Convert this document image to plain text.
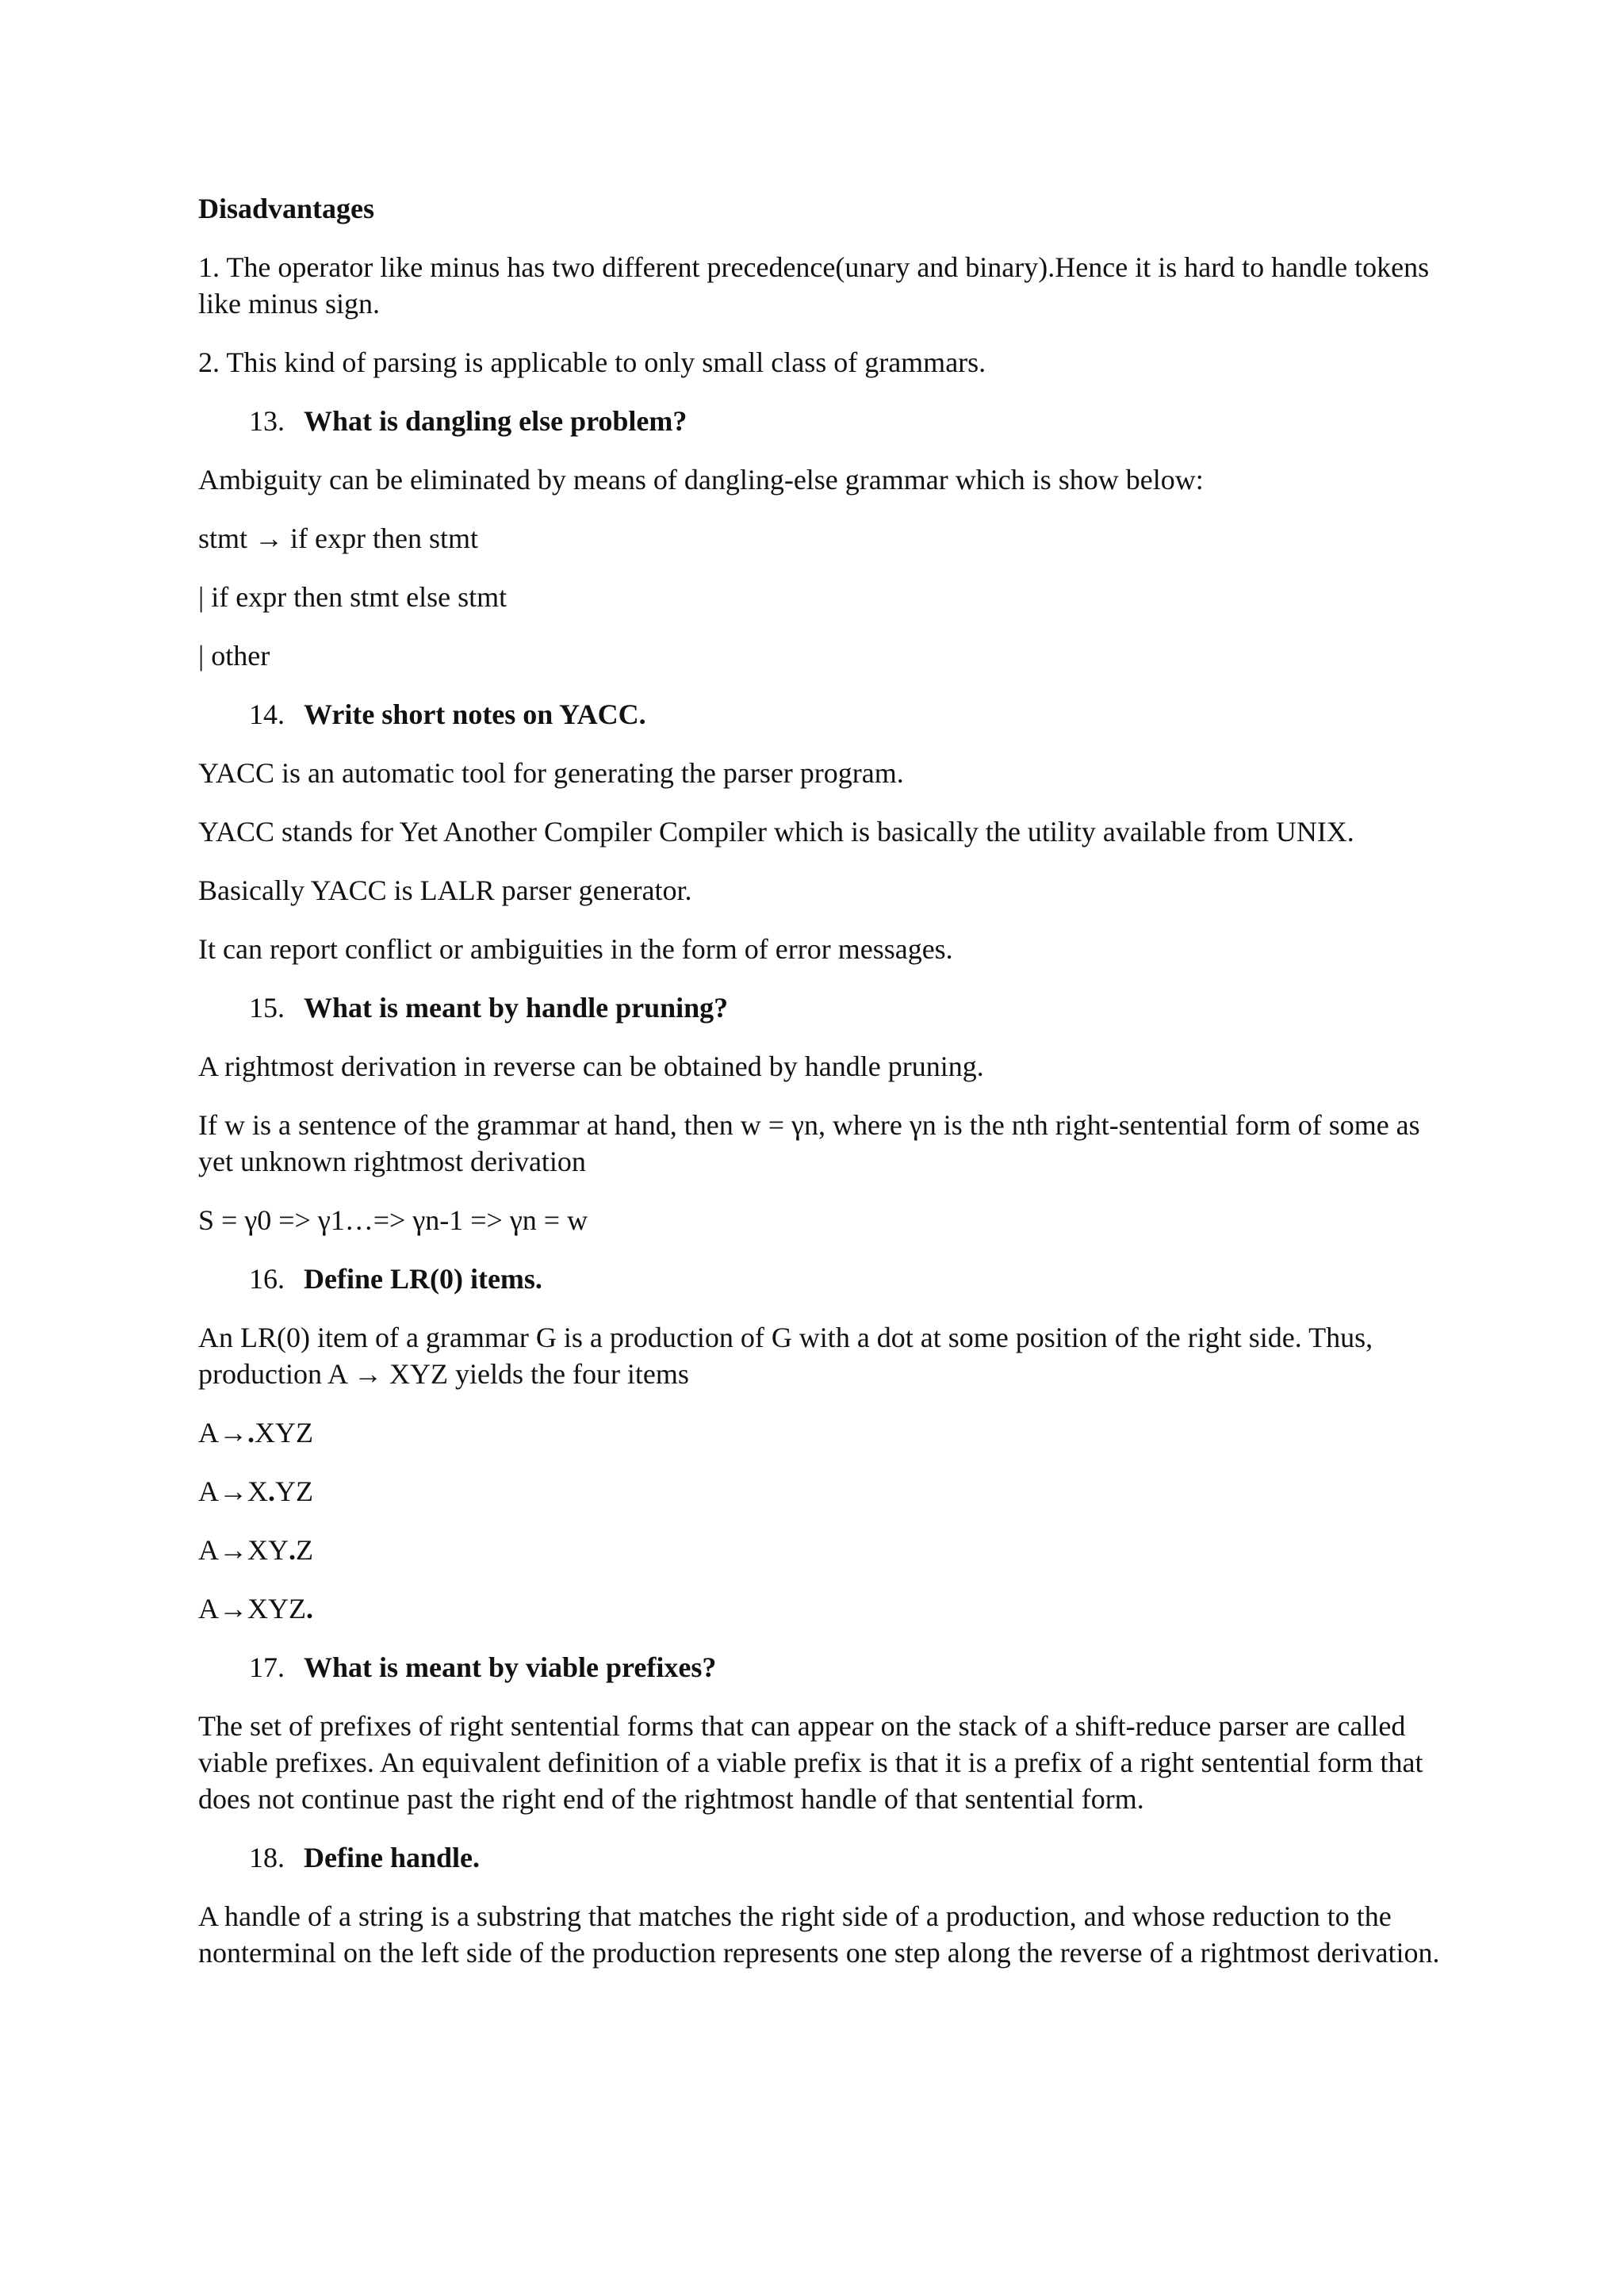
Disadvantages

1. The operator like minus has two different precedence(unary and binary).Hence it is hard to handle tokens like minus sign.

2. This kind of parsing is applicable to only small class of grammars.

13. What is dangling else problem?

Ambiguity can be eliminated by means of dangling-else grammar which is show below:

stmt → if expr then stmt

| if expr then stmt else stmt

| other

14. Write short notes on YACC.

YACC is an automatic tool for generating the parser program.

YACC stands for Yet Another Compiler Compiler which is basically the utility available from UNIX.

Basically YACC is LALR parser generator.

It can report conflict or ambiguities in the form of error messages.

15. What is meant by handle pruning?

A rightmost derivation in reverse can be obtained by handle pruning.

If w is a sentence of the grammar at hand, then w = γn, where γn is the nth right-sentential form of some as yet unknown rightmost derivation

S = γ0 => γ1…=> γn-1 => γn = w

16. Define LR(0) items.

An LR(0) item of a grammar G is a production of G with a dot at some position of the right side. Thus, production A → XYZ yields the four items

A→.XYZ

A→X.YZ

A→XY.Z

A→XYZ.

17. What is meant by viable prefixes?

The set of prefixes of right sentential forms that can appear on the stack of a shift-reduce parser are called viable prefixes. An equivalent definition of a viable prefix is that it is a prefix of a right sentential form that does not continue past the right end of the rightmost handle of that sentential form.

18. Define handle.

A handle of a string is a substring that matches the right side of a production, and whose reduction to the nonterminal on the left side of the production represents one step along the reverse of a rightmost derivation.
